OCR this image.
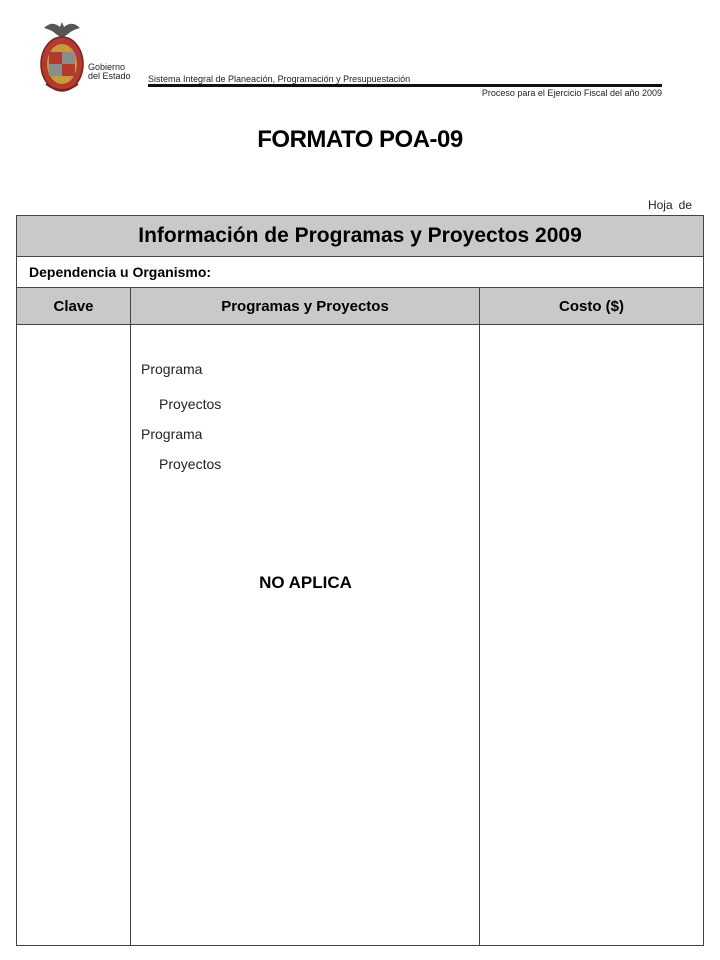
Gobierno
del Estado Sistema Integral de Planeación, Programación y Presupuestación
Proceso para el Ejercicio Fiscal del año 2009
FORMATO POA-09
Hoja de
Información de Programas y Proyectos 2009
Dependencia u Organismo:
Clave	Programas y Proyectos	Costo ($)
Programa
Proyectos
Programa
Proyectos
NO APLICA
